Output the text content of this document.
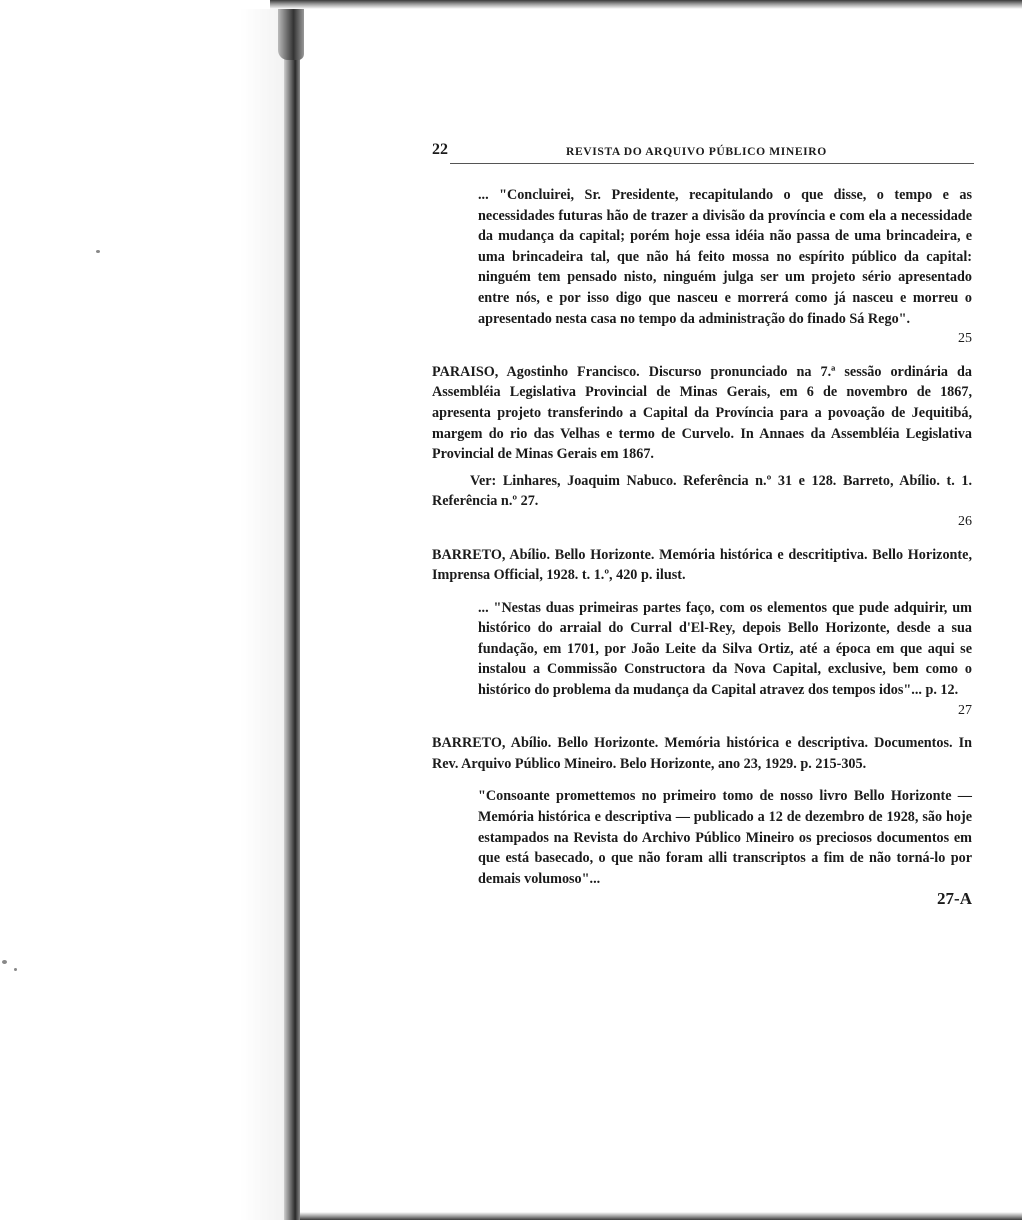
22	REVISTA DO ARQUIVO PÚBLICO MINEIRO

... "Concluirei, Sr. Presidente, recapitulando o que disse, o tempo e as necessidades futuras hão de trazer a divisão da província e com ela a necessidade da mudança da capital; porém hoje essa idéia não passa de uma brincadeira, e uma brincadeira tal, que não há feito mossa no espírito público da capital: ninguém tem pensado nisto, ninguém julga ser um projeto sério apresentado entre nós, e por isso digo que nasceu e morrerá como já nasceu e morreu o apresentado nesta casa no tempo da administração do finado Sá Rego".

25

PARAISO, Agostinho Francisco. Discurso pronunciado na 7.ª sessão ordinária da Assembléia Legislativa Provincial de Minas Gerais, em 6 de novembro de 1867, apresenta projeto transferindo a Capital da Província para a povoação de Jequitibá, margem do rio das Velhas e termo de Curvelo. In Annaes da Assembléia Legislativa Provincial de Minas Gerais em 1867.

Ver: Linhares, Joaquim Nabuco. Referência n.º 31 e 128. Barreto, Abílio. t. 1. Referência n.º 27.

26

BARRETO, Abílio. Bello Horizonte. Memória histórica e descritiptiva. Bello Horizonte, Imprensa Official, 1928. t. 1.º, 420 p. ilust.

... "Nestas duas primeiras partes faço, com os elementos que pude adquirir, um histórico do arraial do Curral d'El-Rey, depois Bello Horizonte, desde a sua fundação, em 1701, por João Leite da Silva Ortiz, até a época em que aqui se instalou a Commissão Constructora da Nova Capital, exclusive, bem como o histórico do problema da mudança da Capital atravez dos tempos idos"... p. 12.

27

BARRETO, Abílio. Bello Horizonte. Memória histórica e descriptiva. Documentos. In Rev. Arquivo Público Mineiro. Belo Horizonte, ano 23, 1929. p. 215-305.

"Consoante promettemos no primeiro tomo de nosso livro Bello Horizonte — Memória histórica e descriptiva — publicado a 12 de dezembro de 1928, são hoje estampados na Revista do Archivo Público Mineiro os preciosos documentos em que está basecado, o que não foram alli transcriptos a fim de não torná-lo por demais volumoso"...

27-A
